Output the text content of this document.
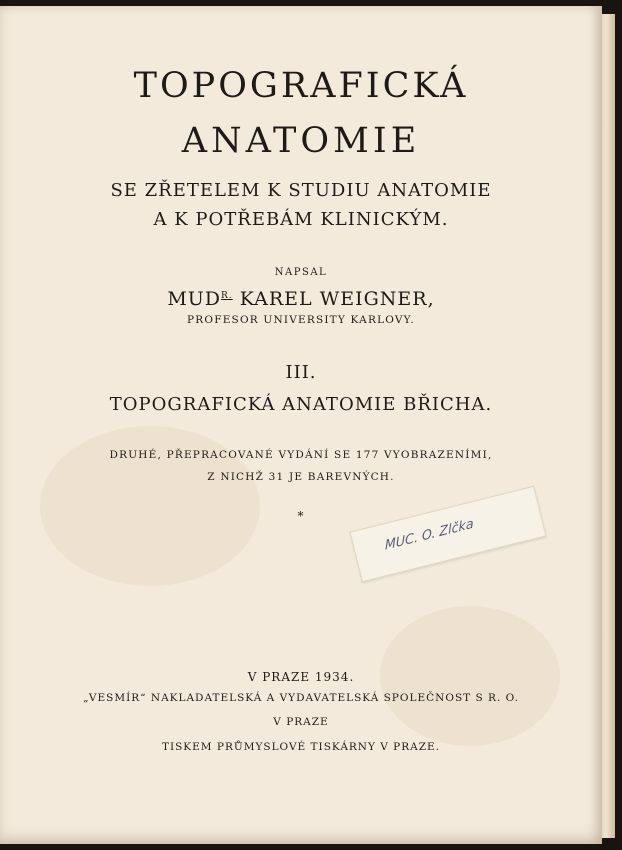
TOPOGRAFICKÁ
ANATOMIE
SE ZŘETELEM K STUDIU ANATOMIE
A K POTŘEBÁM KLINICKÝM.
NAPSAL
$MUD^{R.}$ KAREL WEIGNER,
PROFESOR UNIVERSITY KARLOVY.
III.
TOPOGRAFICKÁ ANATOMIE BŘICHA.
DRUHÉ, PŘEPRACOVANÉ VYDÁNÍ SE 177 VYOBRAZENÍMI,
Z NICHŽ 31 JE BAREVNÝCH.
*
MUC. O. Zlčka
V PRAZE 1934.
„VESMÍR“ NAKLADATELSKÁ A VYDAVATELSKÁ SPOLEČNOST S R. O.
V PRAZE
TISKEM PRŮMYSLOVÉ TISKÁRNY V PRAZE.
